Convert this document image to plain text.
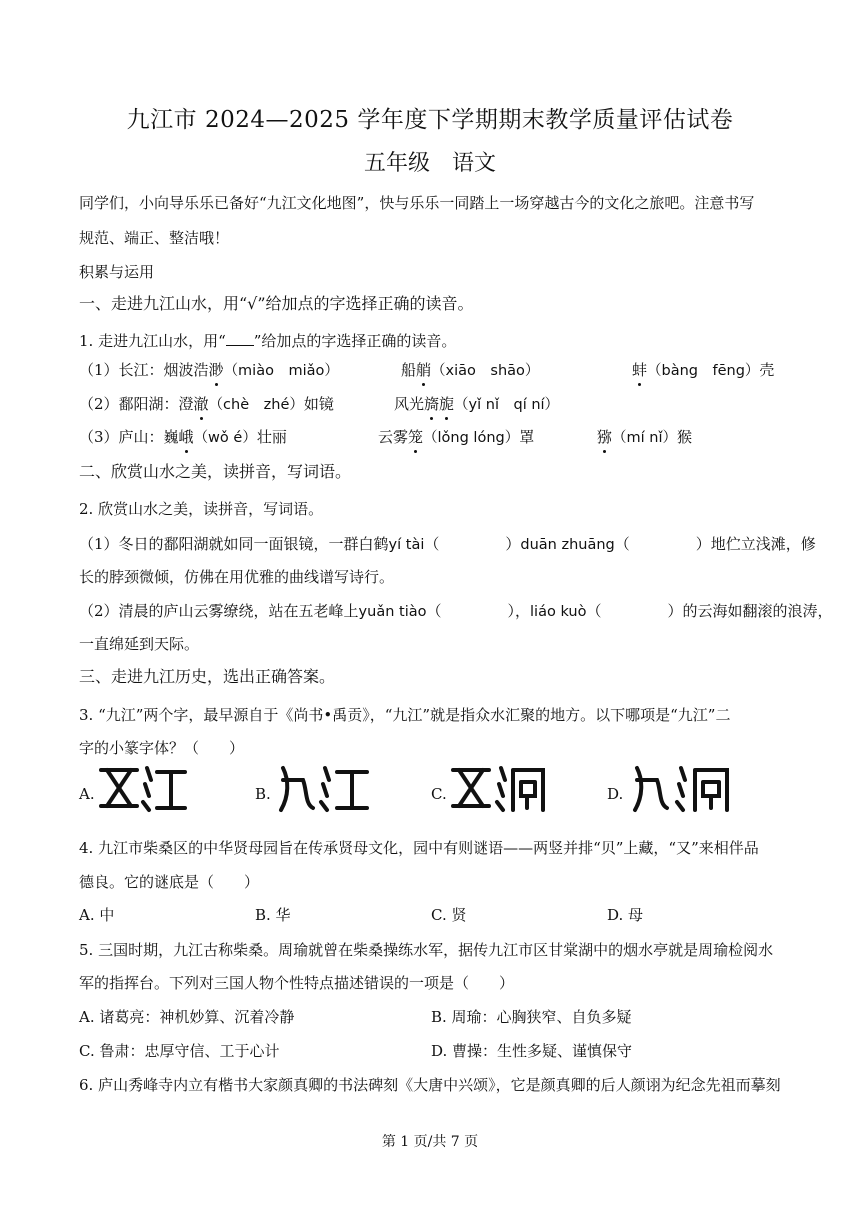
九江市 2024—2025 学年度下学期期末教学质量评估试卷
五年级　语文
同学们，小向导乐乐已备好“九江文化地图”，快与乐乐一同踏上一场穿越古今的文化之旅吧。注意书写
规范、端正、整洁哦！
积累与运用
一、走进九江山水，用“√”给加点的字选择正确的读音。
1. 走进九江山水，用“ ”给加点的字选择正确的读音。
（1）长江：烟波浩渺（miào　miǎo）	船艄（xiāo　shāo）	蚌（bàng　fēng）壳
（2）鄱阳湖：澄澈（chè　zhé）如镜	风光旖旎（yǐ nǐ　qí ní）
（3）庐山：巍峨（wǒ é）壮丽	云雾笼（lǒng lóng）罩	猕（mí nǐ）猴
二、欣赏山水之美，读拼音，写词语。
2. 欣赏山水之美，读拼音，写词语。
（1）冬日的鄱阳湖就如同一面银镜，一群白鹤yí tài（	）duān zhuāng（	）地伫立浅滩，修
长的脖颈微倾，仿佛在用优雅的曲线谱写诗行。
（2）清晨的庐山云雾缭绕，站在五老峰上yuǎn tiào（	），liáo kuò（	）的云海如翻滚的浪涛，
一直绵延到天际。
三、走进九江历史，选出正确答案。
3. “九江”两个字，最早源自于《尚书•禹贡》，“九江”就是指众水汇聚的地方。以下哪项是“九江”二
字的小篆字体？（　　）
A.	B.	C.	D.
4. 九江市柴桑区的中华贤母园旨在传承贤母文化，园中有则谜语——两竖并排“贝”上藏，“又”来相伴品
德良。它的谜底是（　　）
A. 中	B. 华	C. 贤	D. 母
5. 三国时期，九江古称柴桑。周瑜就曾在柴桑操练水军，据传九江市区甘棠湖中的烟水亭就是周瑜检阅水
军的指挥台。下列对三国人物个性特点描述错误的一项是（　　）
A. 诸葛亮：神机妙算、沉着冷静	B. 周瑜：心胸狭窄、自负多疑
C. 鲁肃：忠厚守信、工于心计	D. 曹操：生性多疑、谨慎保守
6. 庐山秀峰寺内立有楷书大家颜真卿的书法碑刻《大唐中兴颂》，它是颜真卿的后人颜诩为纪念先祖而摹刻
第 1 页/共 7 页
